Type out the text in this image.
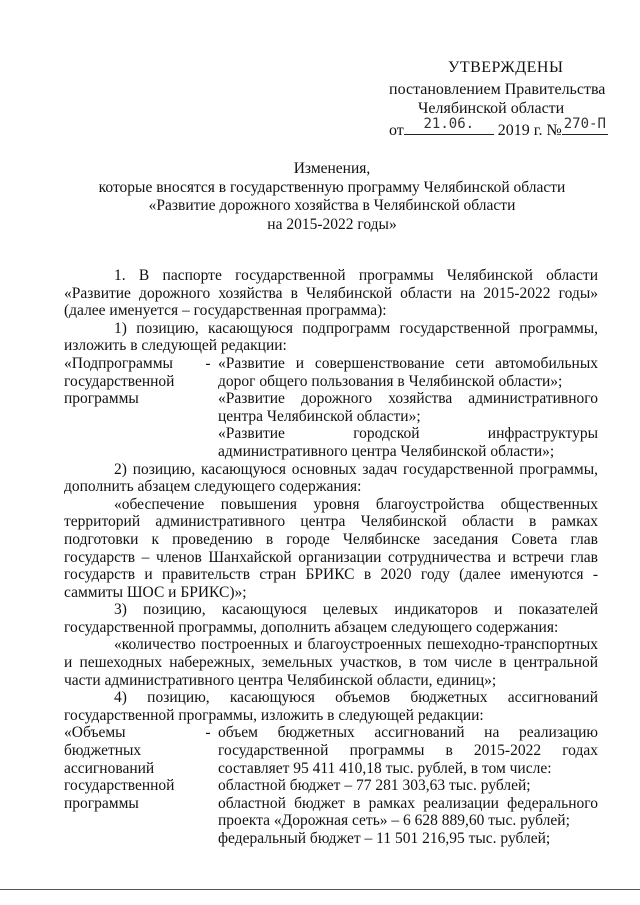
УТВЕРЖДЕНЫ
постановлением Правительства
Челябинской области
от	21.06.	2019 г. № 270-П
Изменения,
которые вносятся в государственную программу Челябинской области
«Развитие дорожного хозяйства в Челябинской области
на 2015-2022 годы»

1. В паспорте государственной программы Челябинской области «Развитие дорожного хозяйства в Челябинской области на 2015-2022 годы» (далее именуется – государственная программа):

1) позицию, касающуюся подпрограмм государственной программы, изложить в следующей редакции:

«Подпрограммы государственной программы
- «Развитие и совершенствование сети автомобильных дорог общего пользования в Челябинской области»;
«Развитие дорожного хозяйства административного центра Челябинской области»;
«Развитие городской инфраструктуры административного центра Челябинской области»;

2) позицию, касающуюся основных задач государственной программы, дополнить абзацем следующего содержания:

«обеспечение повышения уровня благоустройства общественных территорий административного центра Челябинской области в рамках подготовки к проведению в городе Челябинске заседания Совета глав государств – членов Шанхайской организации сотрудничества и встречи глав государств и правительств стран БРИКС в 2020 году (далее именуются - саммиты ШОС и БРИКС)»;

3) позицию, касающуюся целевых индикаторов и показателей государственной программы, дополнить абзацем следующего содержания:

«количество построенных и благоустроенных пешеходно-транспортных и пешеходных набережных, земельных участков, в том числе в центральной части административного центра Челябинской области, единиц»;

4) позицию, касающуюся объемов бюджетных ассигнований государственной программы, изложить в следующей редакции:

«Объемы бюджетных ассигнований государственной программы
- объем бюджетных ассигнований на реализацию государственной программы в 2015-2022 годах составляет 95 411 410,18 тыс. рублей, в том числе:
областной бюджет – 77 281 303,63 тыс. рублей;
областной бюджет в рамках реализации федерального проекта «Дорожная сеть» – 6 628 889,60 тыс. рублей;
федеральный бюджет – 11 501 216,95 тыс. рублей;
